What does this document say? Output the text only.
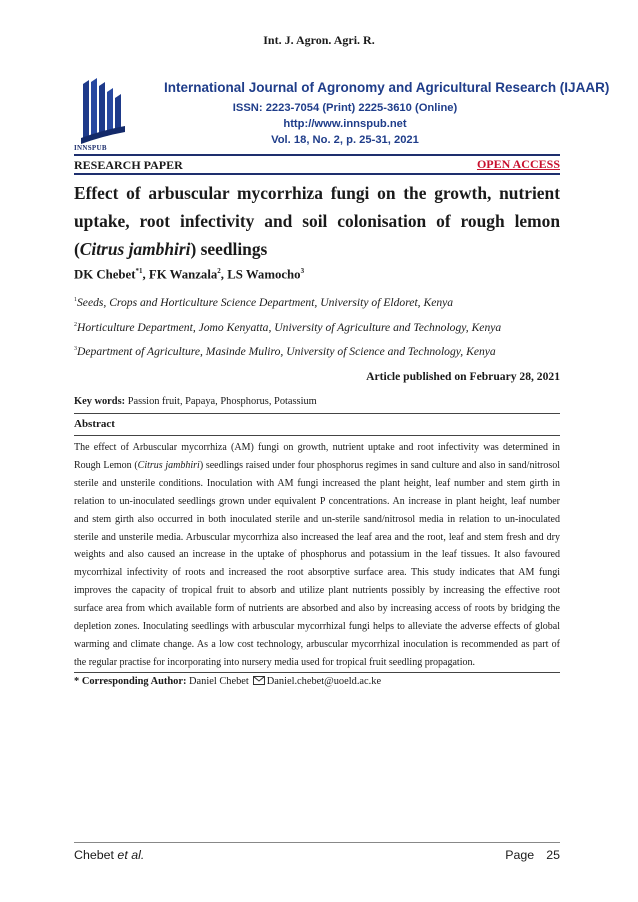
Int. J. Agron. Agri. R.
INNSPUB
International Journal of Agronomy and Agricultural Research (IJAAR)
ISSN: 2223-7054 (Print) 2225-3610 (Online)
http://www.innspub.net
Vol. 18, No. 2, p. 25-31, 2021
RESEARCH PAPER	OPEN ACCESS
Effect of arbuscular mycorrhiza fungi on the growth, nutrient
uptake, root infectivity and soil colonisation of rough lemon
(Citrus jambhiri) seedlings
DK Chebet$^{*1}$, FK Wanzala$^2$, LS Wamocho$^3$
$^1$Seeds, Crops and Horticulture Science Department, University of Eldoret, Kenya
$^2$Horticulture Department, Jomo Kenyatta, University of Agriculture and Technology, Kenya
$^3$Department of Agriculture, Masinde Muliro, University of Science and Technology, Kenya
Article published on February 28, 2021
Key words: Passion fruit, Papaya, Phosphorus, Potassium
Abstract

The effect of Arbuscular mycorrhiza (AM) fungi on growth, nutrient uptake and root infectivity was determined in Rough Lemon (Citrus jambhiri) seedlings raised under four phosphorus regimes in sand culture and also in sand/nitrosol sterile and unsterile conditions. Inoculation with AM fungi increased the plant height, leaf number and stem girth in relation to un-inoculated seedlings grown under equivalent P concentrations. An increase in plant height, leaf number and stem girth also occurred in both inoculated sterile and un-sterile sand/nitrosol media in relation to un-inoculated sterile and unsterile media. Arbuscular mycorrhiza also increased the leaf area and the root, leaf and stem fresh and dry weights and also caused an increase in the uptake of phosphorus and potassium in the leaf tissues. It also favoured mycorrhizal infectivity of roots and increased the root absorptive surface area. This study indicates that AM fungi improves the capacity of tropical fruit to absorb and utilize plant nutrients possibly by increasing the effective root surface area from which available form of nutrients are absorbed and also by increasing access of roots by bridging the depletion zones. Inoculating seedlings with arbuscular mycorrhizal fungi helps to alleviate the adverse effects of global warming and climate change. As a low cost technology, arbuscular mycorrhizal inoculation is recommended as part of the regular practise for incorporating into nursery media used for tropical fruit seedling propagation.

* Corresponding Author: Daniel Chebet Daniel.chebet@uoeld.ac.ke
Chebet et al.	Page 25
